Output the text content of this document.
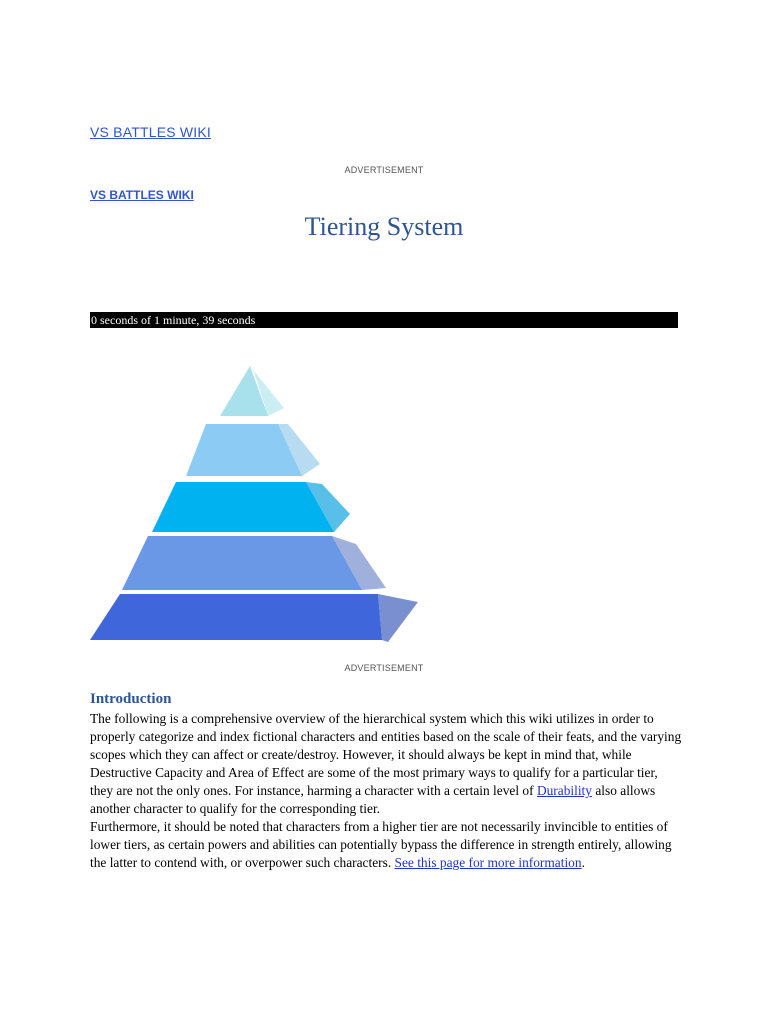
VS BATTLES WIKI
ADVERTISEMENT
VS BATTLES WIKI
Tiering System
0 seconds of 1 minute, 39 seconds
ADVERTISEMENT
Introduction

The following is a comprehensive overview of the hierarchical system which this wiki utilizes in order to properly categorize and index fictional characters and entities based on the scale of their feats, and the varying scopes which they can affect or create/destroy. However, it should always be kept in mind that, while Destructive Capacity and Area of Effect are some of the most primary ways to qualify for a particular tier, they are not the only ones. For instance, harming a character with a certain level of Durability also allows another character to qualify for the corresponding tier.
Furthermore, it should be noted that characters from a higher tier are not necessarily invincible to entities of lower tiers, as certain powers and abilities can potentially bypass the difference in strength entirely, allowing the latter to contend with, or overpower such characters. See this page for more information.
